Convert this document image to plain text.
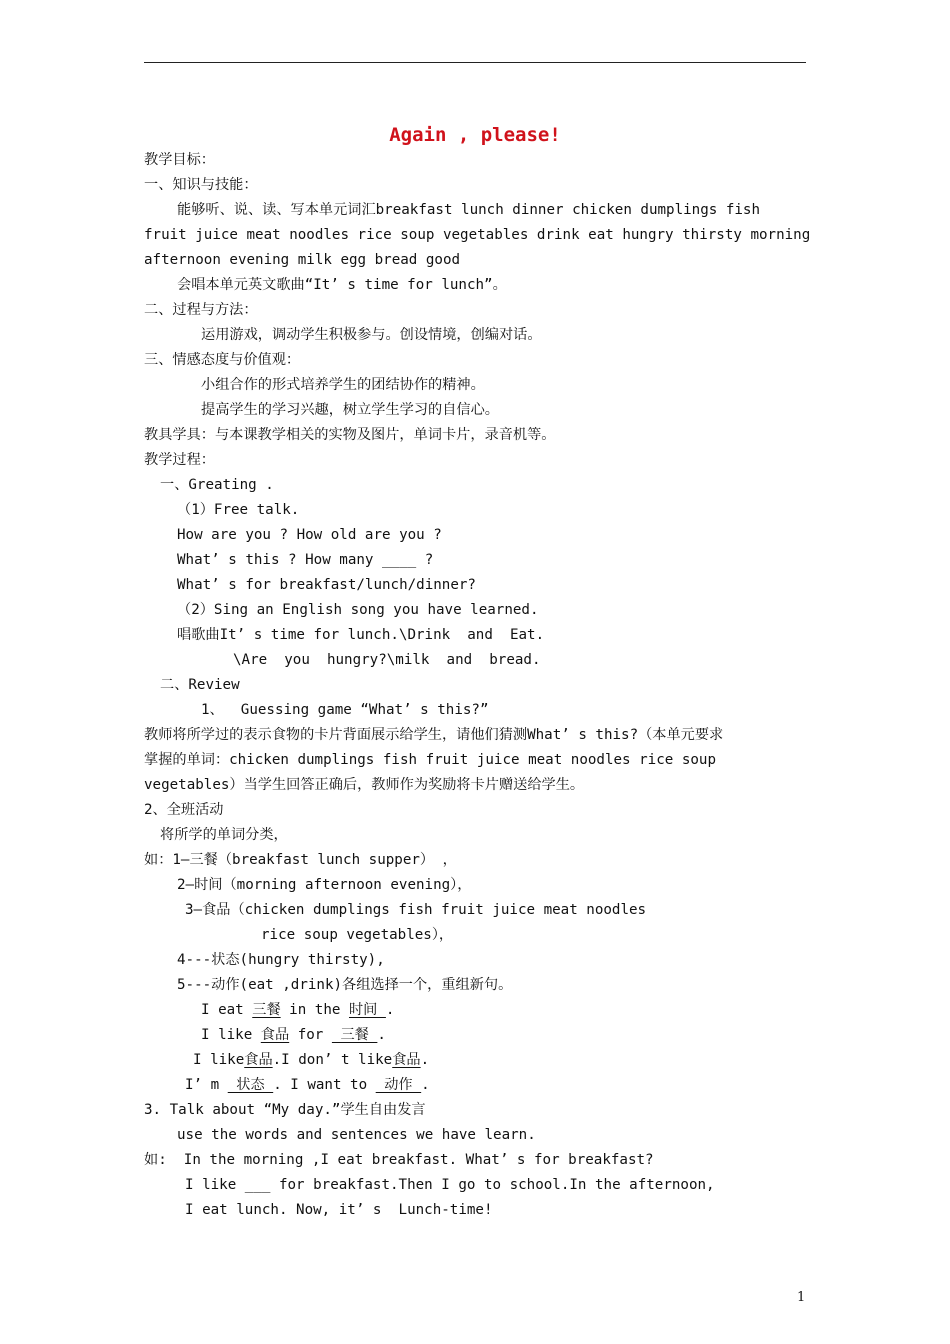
Again , please!
教学目标：
一、知识与技能：
能够听、说、读、写本单元词汇breakfast lunch dinner chicken dumplings fish
fruit juice meat noodles rice soup vegetables drink eat hungry thirsty morning
afternoon evening milk egg bread good
会唱本单元英文歌曲“It’ s time for lunch”。
二、过程与方法：
运用游戏，调动学生积极参与。创设情境，创编对话。
三、情感态度与价值观：
小组合作的形式培养学生的团结协作的精神。
提高学生的学习兴趣，树立学生学习的自信心。
教具学具：与本课教学相关的实物及图片，单词卡片，录音机等。
教学过程：
一、Greating .
（1）Free talk.
How are you ? How old are you ?
What’ s this ? How many ____ ?
What’ s for breakfast/lunch/dinner?
（2）Sing an English song you have learned.
唱歌曲It’ s time for lunch.\Drink  and  Eat.
\Are  you  hungry?\milk  and  bread.
二、Review
1、  Guessing game “What’ s this?”
教师将所学过的表示食物的卡片背面展示给学生，请他们猜测What’ s this?（本单元要求
掌握的单词：chicken dumplings fish fruit juice meat noodles rice soup
vegetables）当学生回答正确后，教师作为奖励将卡片赠送给学生。
2、全班活动
将所学的单词分类，
如：1—三餐（breakfast lunch supper） ，
2—时间（morning afternoon evening），
3—食品（chicken dumplings fish fruit juice meat noodles
rice soup vegetables），
4---状态(hungry thirsty),
5---动作(eat ,drink)各组选择一个，重组新句。
I eat 三餐 in the 时间 .
I like 食品 for  三餐 .
I like食品.I don’ t like食品.
I’ m  状态 . I want to  动作 .
3. Talk about “My day.”学生自由发言
use the words and sentences we have learn.
如:  In the morning ,I eat breakfast. What’ s for breakfast?
I like ___ for breakfast.Then I go to school.In the afternoon,
I eat lunch. Now, it’ s  Lunch-time!
1
